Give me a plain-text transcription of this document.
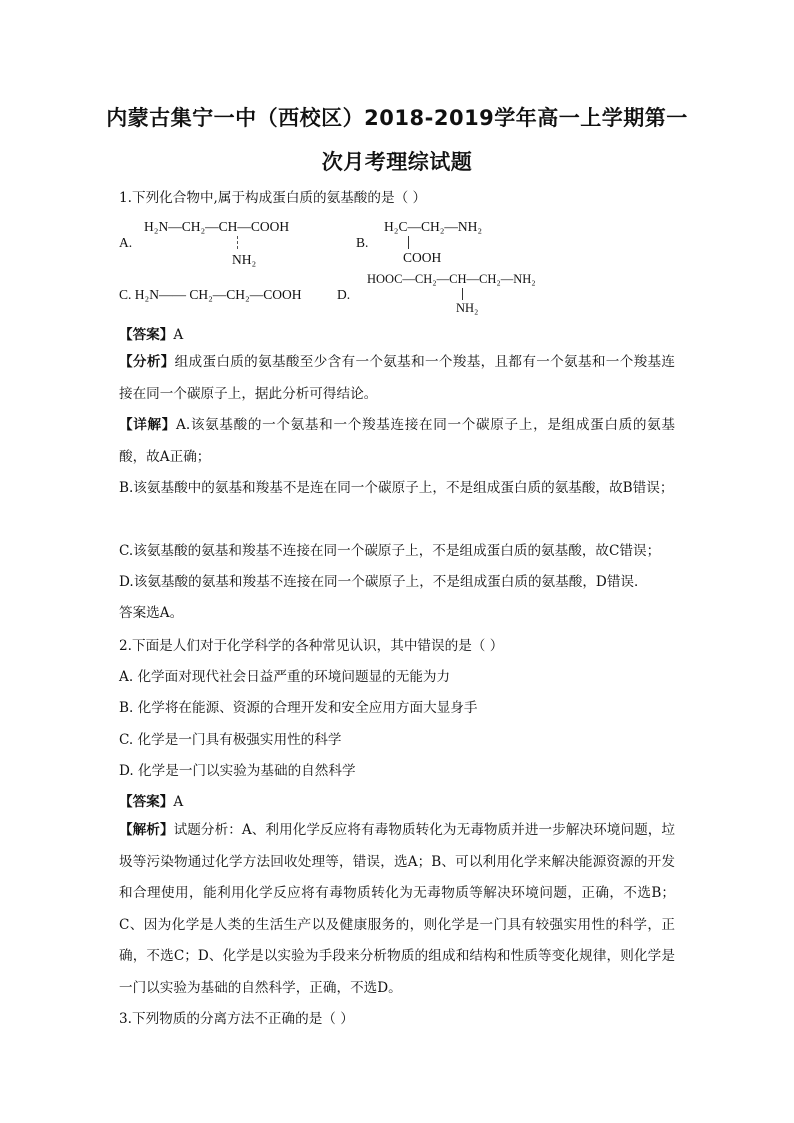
内蒙古集宁一中（西校区）2018-2019学年高一上学期第一
次月考理综试题
1.下列化合物中,属于构成蛋白质的氨基酸的是（ ）
A.
H₂N—CH₂—CH—COOH
NH₂
B.
H₂C—CH₂—NH₂
COOH
C. H₂N—— CH₂—CH₂—COOH	D.
HOOC—CH₂—CH—CH₂—NH₂
NH₂
【答案】A
【分析】组成蛋白质的氨基酸至少含有一个氨基和一个羧基，且都有一个氨基和一个羧基连接在同一个碳原子上，据此分析可得结论。
【详解】A.该氨基酸的一个氨基和一个羧基连接在同一个碳原子上，是组成蛋白质的氨基酸，故A正确；
B.该氨基酸中的氨基和羧基不是连在同一个碳原子上，不是组成蛋白质的氨基酸，故B错误；
C.该氨基酸的氨基和羧基不连接在同一个碳原子上，不是组成蛋白质的氨基酸，故C错误；
D.该氨基酸的氨基和羧基不连接在同一个碳原子上，不是组成蛋白质的氨基酸，D错误．
答案选A。
2.下面是人们对于化学科学的各种常见认识，其中错误的是（ ）
A. 化学面对现代社会日益严重的环境问题显的无能为力
B. 化学将在能源、资源的合理开发和安全应用方面大显身手
C. 化学是一门具有极强实用性的科学
D. 化学是一门以实验为基础的自然科学
【答案】A
【解析】试题分析：A、利用化学反应将有毒物质转化为无毒物质并进一步解决环境问题，垃圾等污染物通过化学方法回收处理等，错误，选A；B、可以利用化学来解决能源资源的开发和合理使用，能利用化学反应将有毒物质转化为无毒物质等解决环境问题，正确，不选B；C、因为化学是人类的生活生产以及健康服务的，则化学是一门具有较强实用性的科学，正确，不选C；D、化学是以实验为手段来分析物质的组成和结构和性质等变化规律，则化学是一门以实验为基础的自然科学，正确，不选D。
3.下列物质的分离方法不正确的是（ ）
